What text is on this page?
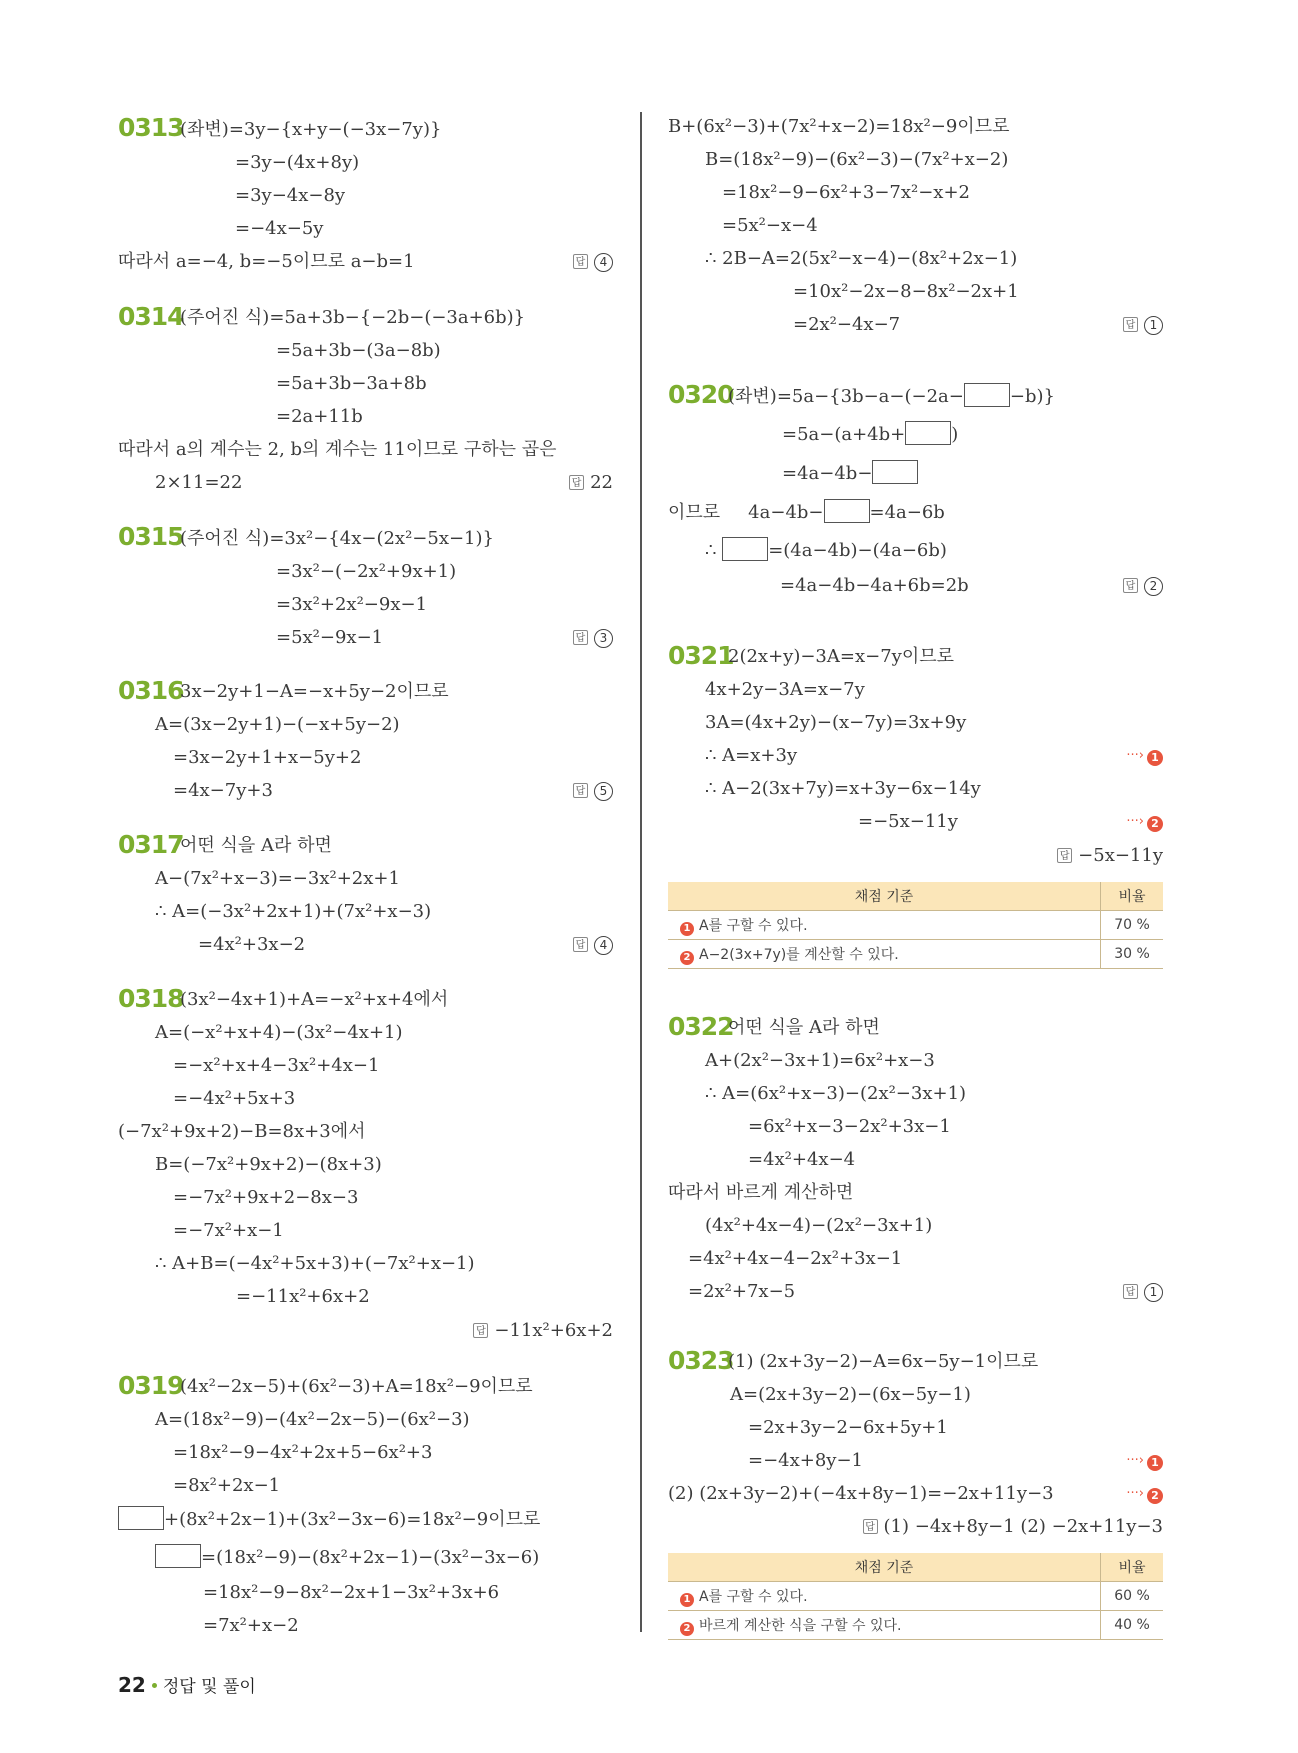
0313
(좌변)=3y−{x+y−(−3x−7y)}
=3y−(4x+8y)
=3y−4x−8y
=−4x−5y
따라서 a=−4, b=−5이므로 a−b=1	답 4
0314
(주어진 식)=5a+3b−{−2b−(−3a+6b)}
=5a+3b−(3a−8b)
=5a+3b−3a+8b
=2a+11b
따라서 a의 계수는 2, b의 계수는 11이므로 구하는 곱은
2×11=22	답 22
0315
(주어진 식)=3x²−{4x−(2x²−5x−1)}
=3x²−(−2x²+9x+1)
=3x²+2x²−9x−1
=5x²−9x−1	답 3
0316
3x−2y+1−A=−x+5y−2이므로
A=(3x−2y+1)−(−x+5y−2)
=3x−2y+1+x−5y+2
=4x−7y+3	답 5
0317
어떤 식을 A라 하면
A−(7x²+x−3)=−3x²+2x+1
∴ A=(−3x²+2x+1)+(7x²+x−3)
=4x²+3x−2	답 4
0318
(3x²−4x+1)+A=−x²+x+4에서
A=(−x²+x+4)−(3x²−4x+1)
=−x²+x+4−3x²+4x−1
=−4x²+5x+3
(−7x²+9x+2)−B=8x+3에서
B=(−7x²+9x+2)−(8x+3)
=−7x²+9x+2−8x−3
=−7x²+x−1
∴ A+B=(−4x²+5x+3)+(−7x²+x−1)
=−11x²+6x+2
답 −11x²+6x+2
0319
(4x²−2x−5)+(6x²−3)+A=18x²−9이므로
A=(18x²−9)−(4x²−2x−5)−(6x²−3)
=18x²−9−4x²+2x+5−6x²+3
=8x²+2x−1
+(8x²+2x−1)+(3x²−3x−6)=18x²−9이므로
=(18x²−9)−(8x²+2x−1)−(3x²−3x−6)
=18x²−9−8x²−2x+1−3x²+3x+6
=7x²+x−2
B+(6x²−3)+(7x²+x−2)=18x²−9이므로
B=(18x²−9)−(6x²−3)−(7x²+x−2)
=18x²−9−6x²+3−7x²−x+2
=5x²−x−4
∴ 2B−A=2(5x²−x−4)−(8x²+2x−1)
=10x²−2x−8−8x²−2x+1
=2x²−4x−7	답 1
0320
(좌변)=5a−{3b−a−(−2a−	−b)}
=5a−(a+4b+	)
=4a−4b−
이므로 4a−4b−	=4a−6b
∴	=(4a−4b)−(4a−6b)
=4a−4b−4a+6b=2b	답 2
0321
2(2x+y)−3A=x−7y이므로
4x+2y−3A=x−7y
3A=(4x+2y)−(x−7y)=3x+9y
∴ A=x+3y	···› 1
∴ A−2(3x+7y)=x+3y−6x−14y
=−5x−11y	···› 2
답 −5x−11y
채점 기준	비율
1 A를 구할 수 있다.	70 %
2 A−2(3x+7y)를 계산할 수 있다.	30 %
0322
어떤 식을 A라 하면
A+(2x²−3x+1)=6x²+x−3
∴ A=(6x²+x−3)−(2x²−3x+1)
=6x²+x−3−2x²+3x−1
=4x²+4x−4
따라서 바르게 계산하면
(4x²+4x−4)−(2x²−3x+1)
=4x²+4x−4−2x²+3x−1
=2x²+7x−5	답 1
0323
(1) (2x+3y−2)−A=6x−5y−1이므로
A=(2x+3y−2)−(6x−5y−1)
=2x+3y−2−6x+5y+1
=−4x+8y−1	···› 1
(2) (2x+3y−2)+(−4x+8y−1)=−2x+11y−3	···› 2
답 (1) −4x+8y−1 (2) −2x+11y−3
채점 기준	비율
1 A를 구할 수 있다.	60 %
2 바르게 계산한 식을 구할 수 있다.	40 %
22 정답 및 풀이
